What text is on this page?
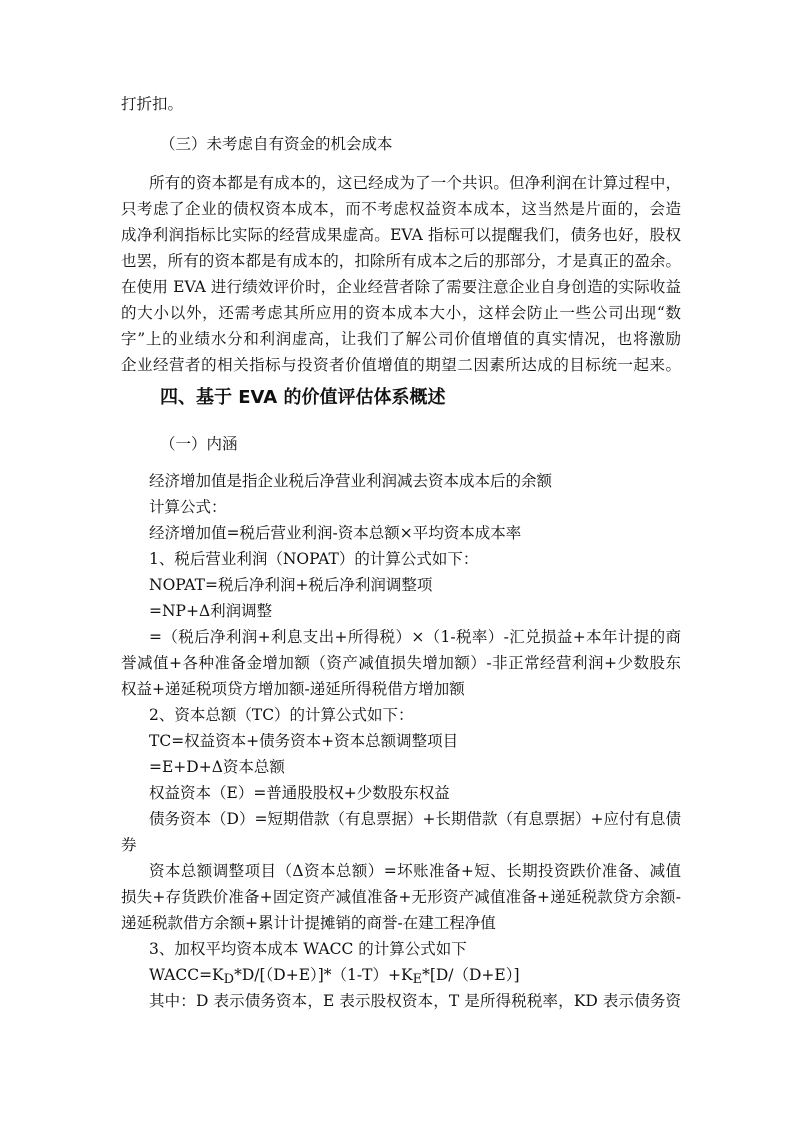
打折扣。
（三）未考虑自有资金的机会成本
所有的资本都是有成本的，这已经成为了一个共识。但净利润在计算过程中，
只考虑了企业的债权资本成本，而不考虑权益资本成本，这当然是片面的，会造
成净利润指标比实际的经营成果虚高。EVA 指标可以提醒我们，债务也好，股权
也罢，所有的资本都是有成本的，扣除所有成本之后的那部分，才是真正的盈余。
在使用 EVA 进行绩效评价时，企业经营者除了需要注意企业自身创造的实际收益
的大小以外，还需考虑其所应用的资本成本大小，这样会防止一些公司出现“数
字”上的业绩水分和利润虚高，让我们了解公司价值增值的真实情况，也将激励
企业经营者的相关指标与投资者价值增值的期望二因素所达成的目标统一起来。
四、基于 EVA 的价值评估体系概述
（一）内涵
经济增加值是指企业税后净营业利润减去资本成本后的余额
计算公式：
经济增加值=税后营业利润-资本总额×平均资本成本率
1、税后营业利润（NOPAT）的计算公式如下：
NOPAT=税后净利润+税后净利润调整项
=NP+Δ利润调整
=（税后净利润+利息支出+所得税）×（1-税率）-汇兑损益+本年计提的商
誉减值+各种准备金增加额（资产减值损失增加额）-非正常经营利润+少数股东
权益+递延税项贷方增加额-递延所得税借方增加额
2、资本总额（TC）的计算公式如下：
TC=权益资本+债务资本+资本总额调整项目
=E+D+Δ资本总额
权益资本（E）=普通股股权+少数股东权益
债务资本（D）=短期借款（有息票据）+长期借款（有息票据）+应付有息债
券
资本总额调整项目（Δ资本总额）=坏账准备+短、长期投资跌价准备、减值
损失+存货跌价准备+固定资产减值准备+无形资产减值准备+递延税款贷方余额-
递延税款借方余额+累计计提摊销的商誉-在建工程净值
3、加权平均资本成本 WACC 的计算公式如下
$WACC=K_D*D/[(D+E)]*(1-T)+K_E*[D/(D+E)]$
其中：D 表示债务资本，E 表示股权资本，T 是所得税税率，KD 表示债务资
